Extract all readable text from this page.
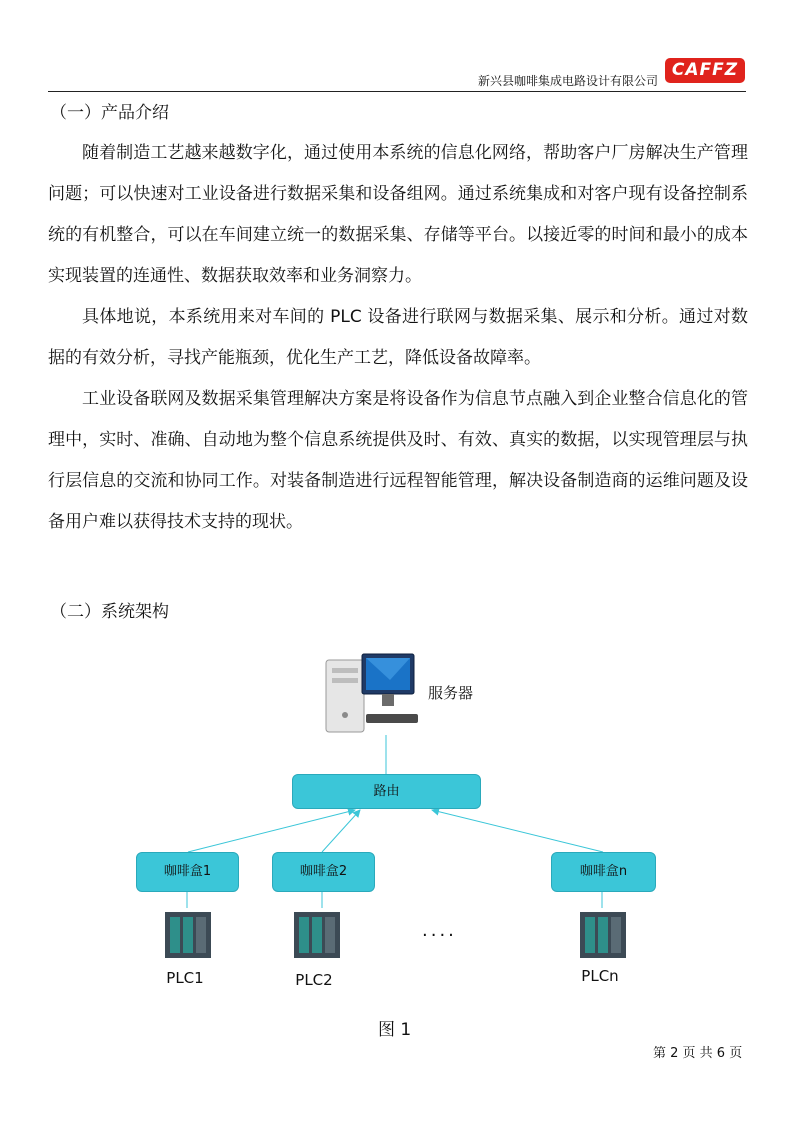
新兴县咖啡集成电路设计有限公司
CAFFZ
（一）产品介绍
随着制造工艺越来越数字化，通过使用本系统的信息化网络，帮助客户厂房解决生产管理问题；可以快速对工业设备进行数据采集和设备组网。通过系统集成和对客户现有设备控制系统的有机整合，可以在车间建立统一的数据采集、存储等平台。以接近零的时间和最小的成本实现装置的连通性、数据获取效率和业务洞察力。
具体地说，本系统用来对车间的 PLC 设备进行联网与数据采集、展示和分析。通过对数据的有效分析，寻找产能瓶颈，优化生产工艺，降低设备故障率。
工业设备联网及数据采集管理解决方案是将设备作为信息节点融入到企业整合信息化的管理中，实时、准确、自动地为整个信息系统提供及时、有效、真实的数据，以实现管理层与执行层信息的交流和协同工作。对装备制造进行远程智能管理，解决设备制造商的运维问题及设备用户难以获得技术支持的现状。
（二）系统架构
服务器
路由
咖啡盒1	咖啡盒2	咖啡盒n
PLC1	PLC2	PLCn
....
图 1
第 2 页 共 6 页
